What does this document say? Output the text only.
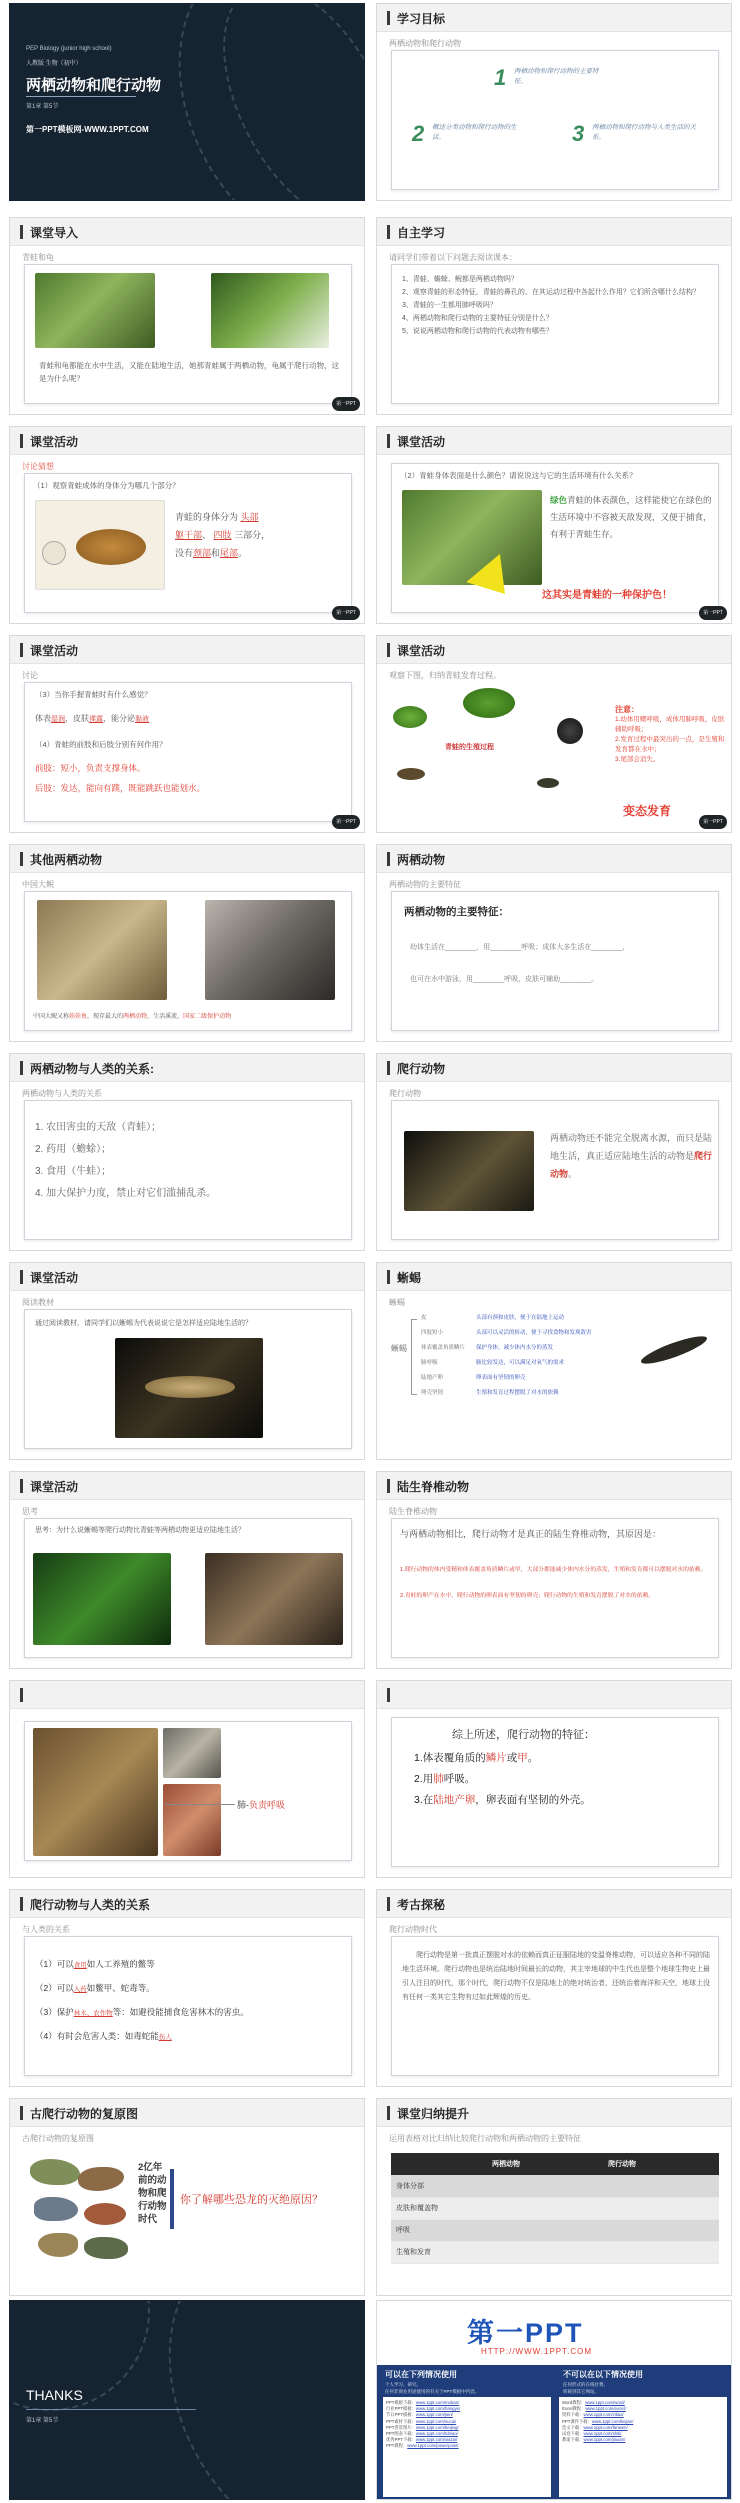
PEP Biology (junior high school)
人教版 生物（初中）
两栖动物和爬行动物
第1章 第5节
第一PPT模板网-WWW.1PPT.COM
学习目标
两栖动物和爬行动物
1 两栖动物和爬行动物的主要特征。
2 概述分类动物和爬行动物的生活。	3 两栖动物和爬行动物与人类生活的关系。
课堂导入
青蛙和龟
青蛙和龟都能在水中生活，又能在陆地生活，她那青蛙属于两栖动物，龟属于爬行动物，这是为什么呢？
第一PPT
自主学习
请同学们带着以下问题去阅读课本：
1、青蛙、蟾蜍、鲵都是两栖动物吗？
2、观察青蛙的形态特征，青蛙的鼻孔的、在其运动过程中各起什么作用？它们所含哪什么结构？
3、青蛙的一生都用肺呼吸吗？
4、两栖动物和爬行动物的主要特征分别是什么？
5、说说两栖动物和爬行动物的代表动物有哪些？
课堂活动
讨论猜想
（1）观察青蛙成体的身体分为哪几个部分？
青蛙的身体分为 头部
躯干部、 四肢 三部分，
没有颈部和尾部。
第一PPT
课堂活动
（2）青蛙身体表面是什么颜色？请说说这与它的生活环境有什么关系？
绿色青蛙的体表颜色，这样能使它在绿色的生活环境中不容被天敌发现，又便于捕食，有利于青蛙生存。
这其实是青蛙的一种保护色！
第一PPT
课堂活动
讨论
（3）当你手握青蛙时有什么感觉？
体表湿润，皮肤裸露，能分泌黏液
（4）青蛙的前肢和后肢分别有何作用？
前肢：短小，负责支撑身体。
后肢：发达，能向有蹼，既能跳跃也能划水。
第一PPT
课堂活动
观察下图，归纳青蛙发育过程。
青蛙的生殖过程
注意：
1.幼体用鳃呼吸，成体用肺呼吸，皮肤辅助呼吸；
2.发育过程中最突出的一点，是生殖和发育都在水中；
3.尾部会消失。
变态发育
第一PPT
其他两栖动物
中国大鲵
中国大鲵又称娃娃鱼，现存最大的两栖动物，生活溪流，国家二级保护动物
两栖动物
两栖动物的主要特征
两栖动物的主要特征：
幼体生活在________，用________呼吸；成体大多生活在________，
也可在水中游泳，用________呼吸，皮肤可辅助________。
两栖动物与人类的关系:
两栖动物与人类的关系
1. 农田害虫的天敌（青蛙）；
2. 药用（蟾蜍）；
3. 食用（牛蛙）；
4. 加大保护力度，禁止对它们滥捕乱杀。
爬行动物
爬行动物
两栖动物还不能完全脱离水源，而只是陆地生活，真正适应陆地生活的动物是爬行动物。
课堂活动
阅读教材
通过阅读教材，请同学们以蜥蜴为代表说说它是怎样适应陆地生活的？
蜥蜴
蜥蜴
蜥蜴
皮	头部有颈和皮肤，便于在陆地上运动
四肢短小	头部可以灵活的转动，便于寻找食物和发现敌害
体表覆盖角质鳞片 保护身体，减少体内水分的蒸发
肺呼吸	肺比较发达，可以满足对氧气的需求
陆地产卵	卵表面有坚韧的卵壳
卵壳坚韧	生殖和发育过程摆脱了对水的依赖
课堂活动
思考
思考：为什么说蜥蜴等爬行动物比青蛙等两栖动物更适应陆地生活？
陆生脊椎动物
陆生脊椎动物
与两栖动物相比，爬行动物才是真正的陆生脊椎动物，其原因是：
1.爬行动物的体内受精和体表覆盖角质鳞片或甲，大部分都能减少体内水分的蒸发，生殖和发育都可以摆脱对水的依赖。
2.青蛙的卵产在水中，爬行动物的卵表面有坚韧的卵壳；爬行动物的生殖和发育摆脱了对水的依赖。
肺-负责呼吸
综上所述，爬行动物的特征：
1.体表覆角质的鳞片或甲。
2.用肺呼吸。
3.在陆地产卵，卵表面有坚韧的外壳。
爬行动物与人类的关系
与人类的关系
（1）可以食用如人工养殖的鳖等
（2）可以入药如鳖甲、蛇毒等。
（3）保护林木、农作物等：如避役能捕食危害林木的害虫。
（4）有时会危害人类：如毒蛇能伤人
考古探秘
爬行动物时代
爬行动物是第一批真正摆脱对水的依赖而真正征服陆地的变温脊椎动物，可以适应各种不同的陆地生活环境。爬行动物也是统治陆地时间最长的动物，其主宰地球的中生代也是整个地球生物史上最引人注目的时代，那个时代，爬行动物不仅是陆地上的绝对统治者，还统治着海洋和天空，地球上没有任何一类其它生物有过如此辉煌的历史。
古爬行动物的复原图
古爬行动物的复原图
2亿年前的动物和爬行动物时代
你了解哪些恐龙的灭绝原因？
课堂归纳提升
运用表格对比归纳比较爬行动物和两栖动物的主要特征
	两栖动物	爬行动物
身体分部		
皮肤和覆盖物		
呼吸		
生殖和发育		
THANKS
第1章 第5节
第一PPT
HTTP://WWW.1PPT.COM
可以在下列情况使用
个人学习、研究。
任何非商业用途使用的有关于PPT模板中内容。
不可以在以下情况使用
任何形式的在线付费。
转载到其它网站。
PPT模板下载：www.1ppt.com/moban/
行业PPT模板：www.1ppt.com/hangye/
节日PPT模板：www.1ppt.com/jieri/
PPT素材下载：www.1ppt.com/sucai/
PPT背景图片：www.1ppt.com/beijing/
PPT图表下载：www.1ppt.com/tubiao/
优秀PPT下载：www.1ppt.com/xiazai/
PPT教程：www.1ppt.com/powerpoint/
Word教程：www.1ppt.com/word/
Excel教程：www.1ppt.com/excel/
资料下载：www.1ppt.com/ziliao/
PPT课件下载：www.1ppt.com/kejian/
范文下载：www.1ppt.com/fanwen/
试卷下载：www.1ppt.com/shiti/
教案下载：www.1ppt.com/jiaoan/
